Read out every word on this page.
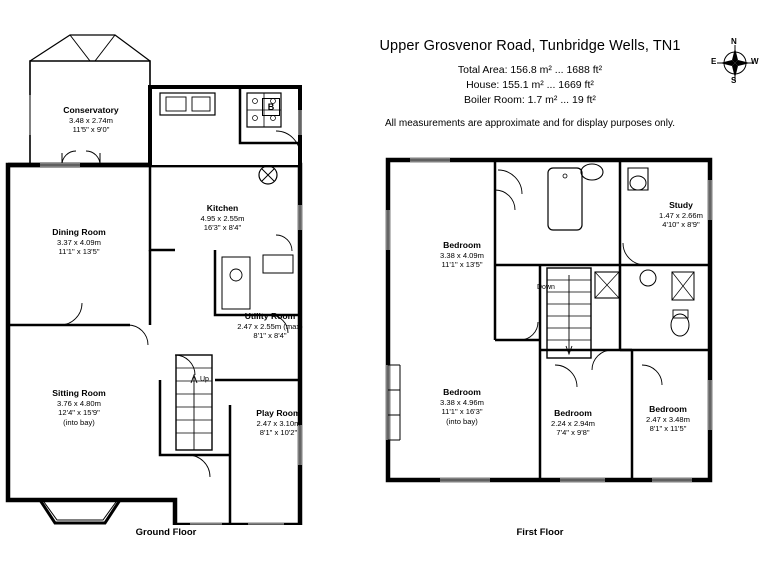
Upper Grosvenor Road, Tunbridge Wells, TN1
Total Area: 156.8 m² ... 1688 ft²
House: 155.1 m² ... 1669 ft²
Boiler Room: 1.7 m² ... 19 ft²
All measurements are approximate and for display purposes only.
N
S
E	W
B
Conservatory
3.48 x 2.74m
11'5" x 9'0"
Dining Room
3.37 x 4.09m
11'1" x 13'5"
Kitchen
4.95 x 2.55m
16'3" x 8'4"
Utility Room
2.47 x 2.55m (max)
8'1" x 8'4"
Sitting Room
3.76 x 4.80m
12'4" x 15'9"
(into bay)
Play Room
2.47 x 3.10m
8'1" x 10'2"
Up
Bedroom
3.38 x 4.09m
11'1" x 13'5"
Study
1.47 x 2.66m
4'10" x 8'9"
Bedroom
3.38 x 4.96m
11'1" x 16'3"
(into bay)
Bedroom
2.24 x 2.94m
7'4" x 9'8"
Bedroom
2.47 x 3.48m
8'1" x 11'5"
Down
Ground Floor	First Floor
